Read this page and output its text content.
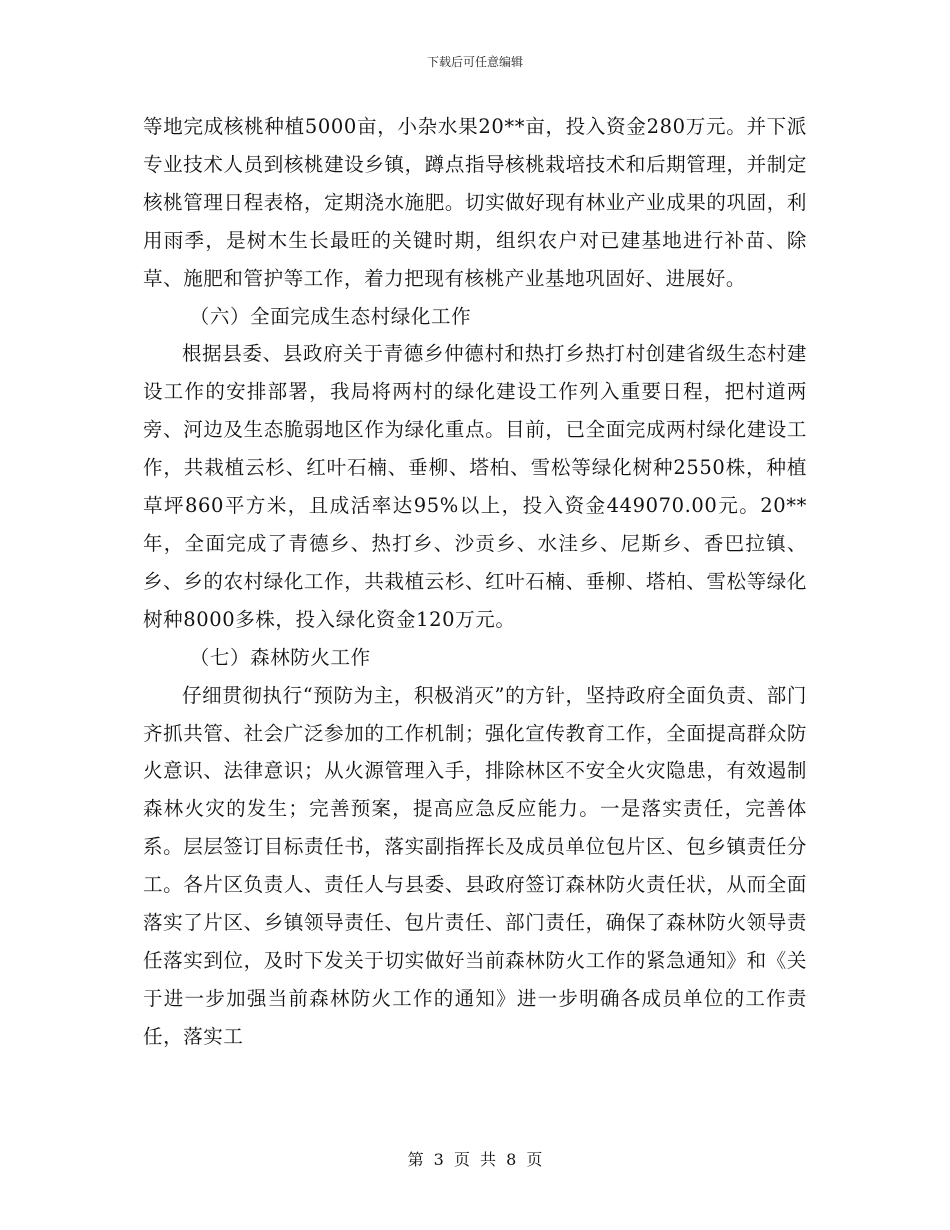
下载后可任意编辑

等地完成核桃种植5000亩，小杂水果20**亩，投入资金280万元。并下派专业技术人员到核桃建设乡镇，蹲点指导核桃栽培技术和后期管理，并制定核桃管理日程表格，定期浇水施肥。切实做好现有林业产业成果的巩固，利用雨季，是树木生长最旺的关键时期，组织农户对已建基地进行补苗、除草、施肥和管护等工作，着力把现有核桃产业基地巩固好、进展好。

（六）全面完成生态村绿化工作

根据县委、县政府关于青德乡仲德村和热打乡热打村创建省级生态村建设工作的安排部署，我局将两村的绿化建设工作列入重要日程，把村道两旁、河边及生态脆弱地区作为绿化重点。目前，已全面完成两村绿化建设工作，共栽植云杉、红叶石楠、垂柳、塔柏、雪松等绿化树种2550株，种植草坪860平方米，且成活率达95%以上，投入资金449070.00元。20**年，全面完成了青德乡、热打乡、沙贡乡、水洼乡、尼斯乡、香巴拉镇、乡、乡的农村绿化工作，共栽植云杉、红叶石楠、垂柳、塔柏、雪松等绿化树种8000多株，投入绿化资金120万元。

（七）森林防火工作

仔细贯彻执行“预防为主，积极消灭”的方针，坚持政府全面负责、部门齐抓共管、社会广泛参加的工作机制；强化宣传教育工作，全面提高群众防火意识、法律意识；从火源管理入手，排除林区不安全火灾隐患，有效遏制森林火灾的发生；完善预案，提高应急反应能力。一是落实责任，完善体系。层层签订目标责任书，落实副指挥长及成员单位包片区、包乡镇责任分工。各片区负责人、责任人与县委、县政府签订森林防火责任状，从而全面落实了片区、乡镇领导责任、包片责任、部门责任，确保了森林防火领导责任落实到位，及时下发关于切实做好当前森林防火工作的紧急通知》和《关于进一步加强当前森林防火工作的通知》进一步明确各成员单位的工作责任，落实工

第 3 页 共 8 页
